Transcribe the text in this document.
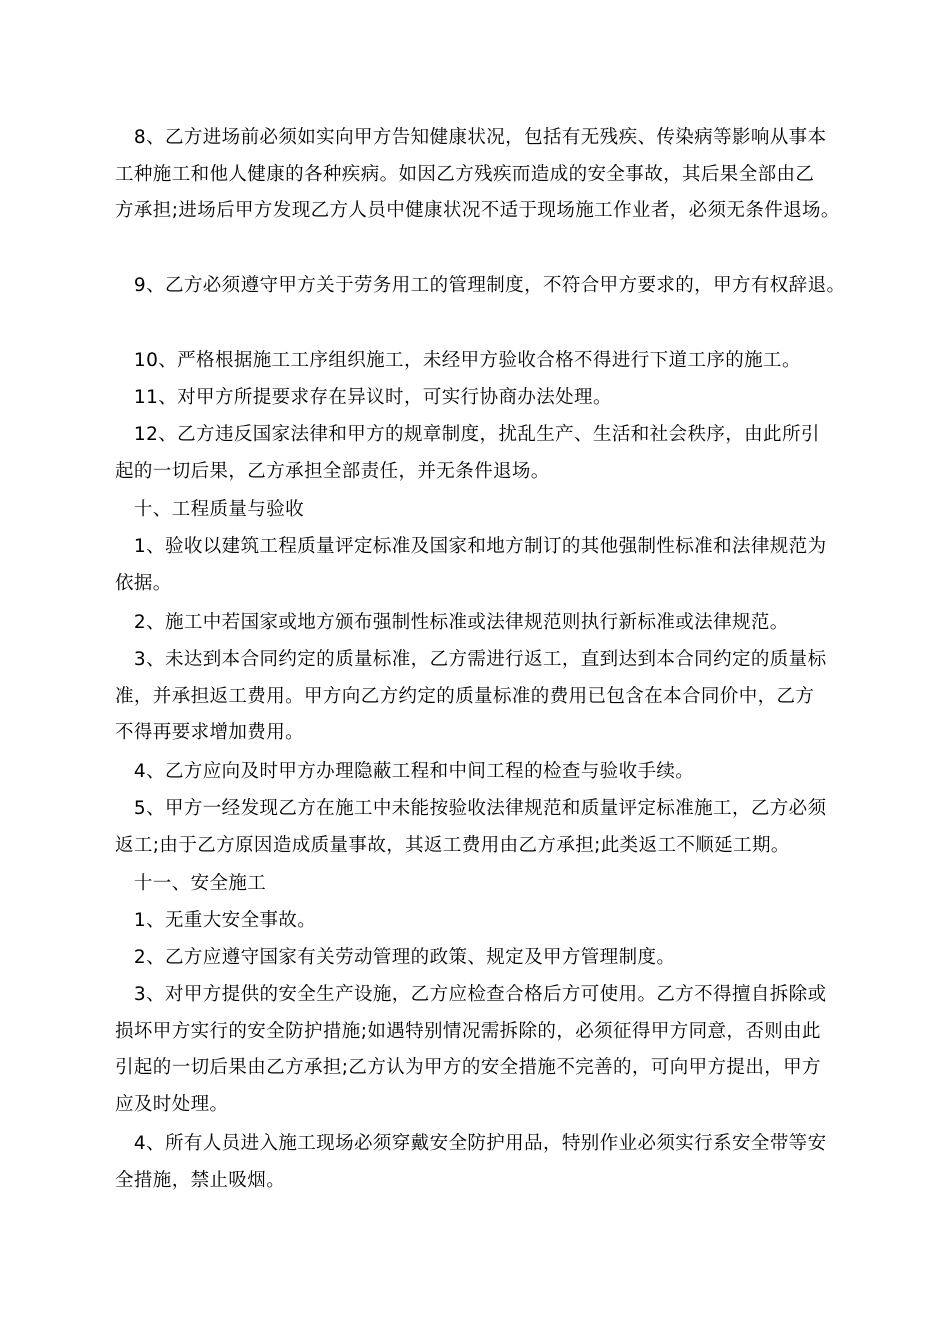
　8、乙方进场前必须如实向甲方告知健康状况，包括有无残疾、传染病等影响从事本
工种施工和他人健康的各种疾病。如因乙方残疾而造成的安全事故，其后果全部由乙
方承担;进场后甲方发现乙方人员中健康状况不适于现场施工作业者，必须无条件退场。

　9、乙方必须遵守甲方关于劳务用工的管理制度，不符合甲方要求的，甲方有权辞退。

　10、严格根据施工工序组织施工，未经甲方验收合格不得进行下道工序的施工。

　11、对甲方所提要求存在异议时，可实行协商办法处理。

　12、乙方违反国家法律和甲方的规章制度，扰乱生产、生活和社会秩序，由此所引
起的一切后果，乙方承担全部责任，并无条件退场。

　十、工程质量与验收

　1、验收以建筑工程质量评定标准及国家和地方制订的其他强制性标准和法律规范为
依据。

　2、施工中若国家或地方颁布强制性标准或法律规范则执行新标准或法律规范。

　3、未达到本合同约定的质量标准，乙方需进行返工，直到达到本合同约定的质量标
准，并承担返工费用。甲方向乙方约定的质量标准的费用已包含在本合同价中，乙方
不得再要求增加费用。

　4、乙方应向及时甲方办理隐蔽工程和中间工程的检查与验收手续。

　5、甲方一经发现乙方在施工中未能按验收法律规范和质量评定标准施工，乙方必须
返工;由于乙方原因造成质量事故，其返工费用由乙方承担;此类返工不顺延工期。

　十一、安全施工

　1、无重大安全事故。

　2、乙方应遵守国家有关劳动管理的政策、规定及甲方管理制度。

　3、对甲方提供的安全生产设施，乙方应检查合格后方可使用。乙方不得擅自拆除或
损坏甲方实行的安全防护措施;如遇特别情况需拆除的，必须征得甲方同意，否则由此
引起的一切后果由乙方承担;乙方认为甲方的安全措施不完善的，可向甲方提出，甲方
应及时处理。

　4、所有人员进入施工现场必须穿戴安全防护用品，特别作业必须实行系安全带等安
全措施，禁止吸烟。
